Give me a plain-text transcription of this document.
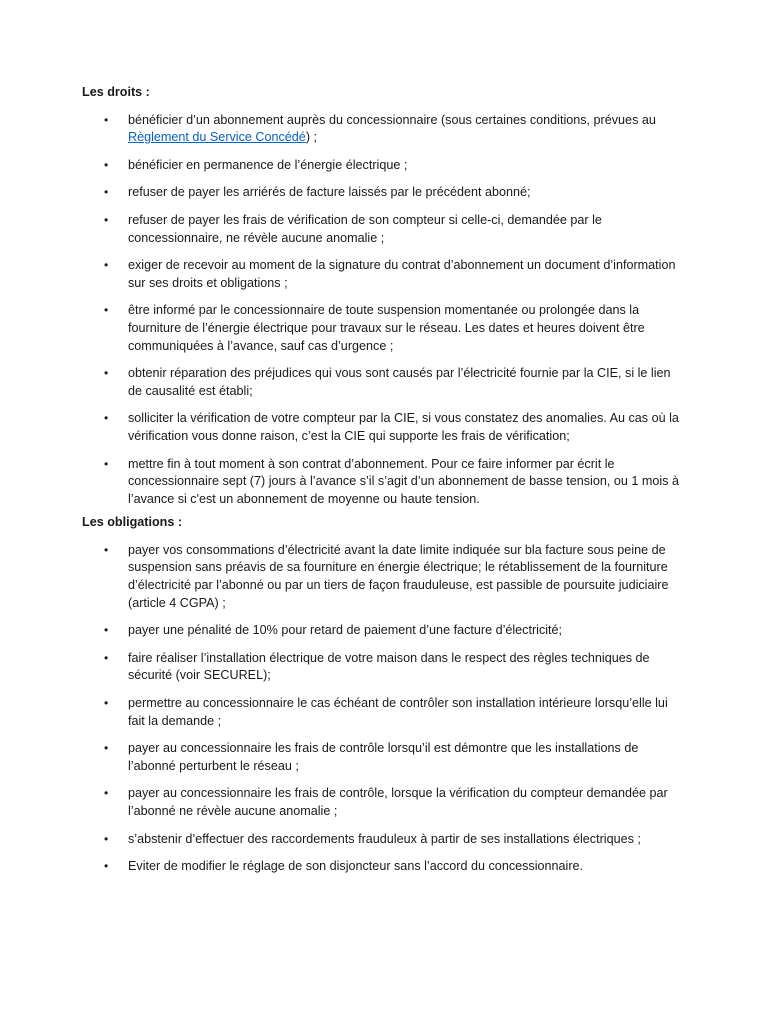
Les droits :

• bénéficier d’un abonnement auprès du concessionnaire (sous certaines conditions, prévues au Règlement du Service Concédé) ;
• bénéficier en permanence de l’énergie électrique ;
• refuser de payer les arriérés de facture laissés par le précédent abonné;
• refuser de payer les frais de vérification de son compteur si celle-ci, demandée par le concessionnaire, ne révèle aucune anomalie ;
• exiger de recevoir au moment de la signature du contrat d’abonnement un document d’information sur ses droits et obligations ;
• être informé par le concessionnaire de toute suspension momentanée ou prolongée dans la fourniture de l’énergie électrique pour travaux sur le réseau. Les dates et heures doivent être communiquées à l’avance, sauf cas d’urgence ;
• obtenir réparation des préjudices qui vous sont causés par l’électricité fournie par la CIE, si le lien de causalité est établi;
• solliciter la vérification de votre compteur par la CIE, si vous constatez des anomalies. Au cas où la vérification vous donne raison, c’est la CIE qui supporte les frais de vérification;
• mettre fin à tout moment à son contrat d’abonnement. Pour ce faire informer par écrit le concessionnaire sept (7) jours à l’avance s’il s’agit d’un abonnement de basse tension, ou 1 mois à l’avance si c'est un abonnement de moyenne ou haute tension.

Les obligations :

• payer vos consommations d’électricité avant la date limite indiquée sur bla facture sous peine de suspension sans préavis de sa fourniture en énergie électrique; le rétablissement de la fourniture d’électricité par l’abonné ou par un tiers de façon frauduleuse, est passible de poursuite judiciaire (article 4 CGPA) ;
• payer une pénalité de 10% pour retard de paiement d’une facture d’électricité;
• faire réaliser l’installation électrique de votre maison dans le respect des règles techniques de sécurité (voir SECUREL);
• permettre au concessionnaire le cas échéant de contrôler son installation intérieure lorsqu’elle lui fait la demande ;
• payer au concessionnaire les frais de contrôle lorsqu’il est démontre que les installations de l’abonné perturbent le réseau ;
• payer au concessionnaire les frais de contrôle, lorsque la vérification du compteur demandée par l’abonné ne révèle aucune anomalie ;
• s’abstenir d’effectuer des raccordements frauduleux à partir de ses installations électriques ;
• Eviter de modifier le réglage de son disjoncteur sans l’accord du concessionnaire.
